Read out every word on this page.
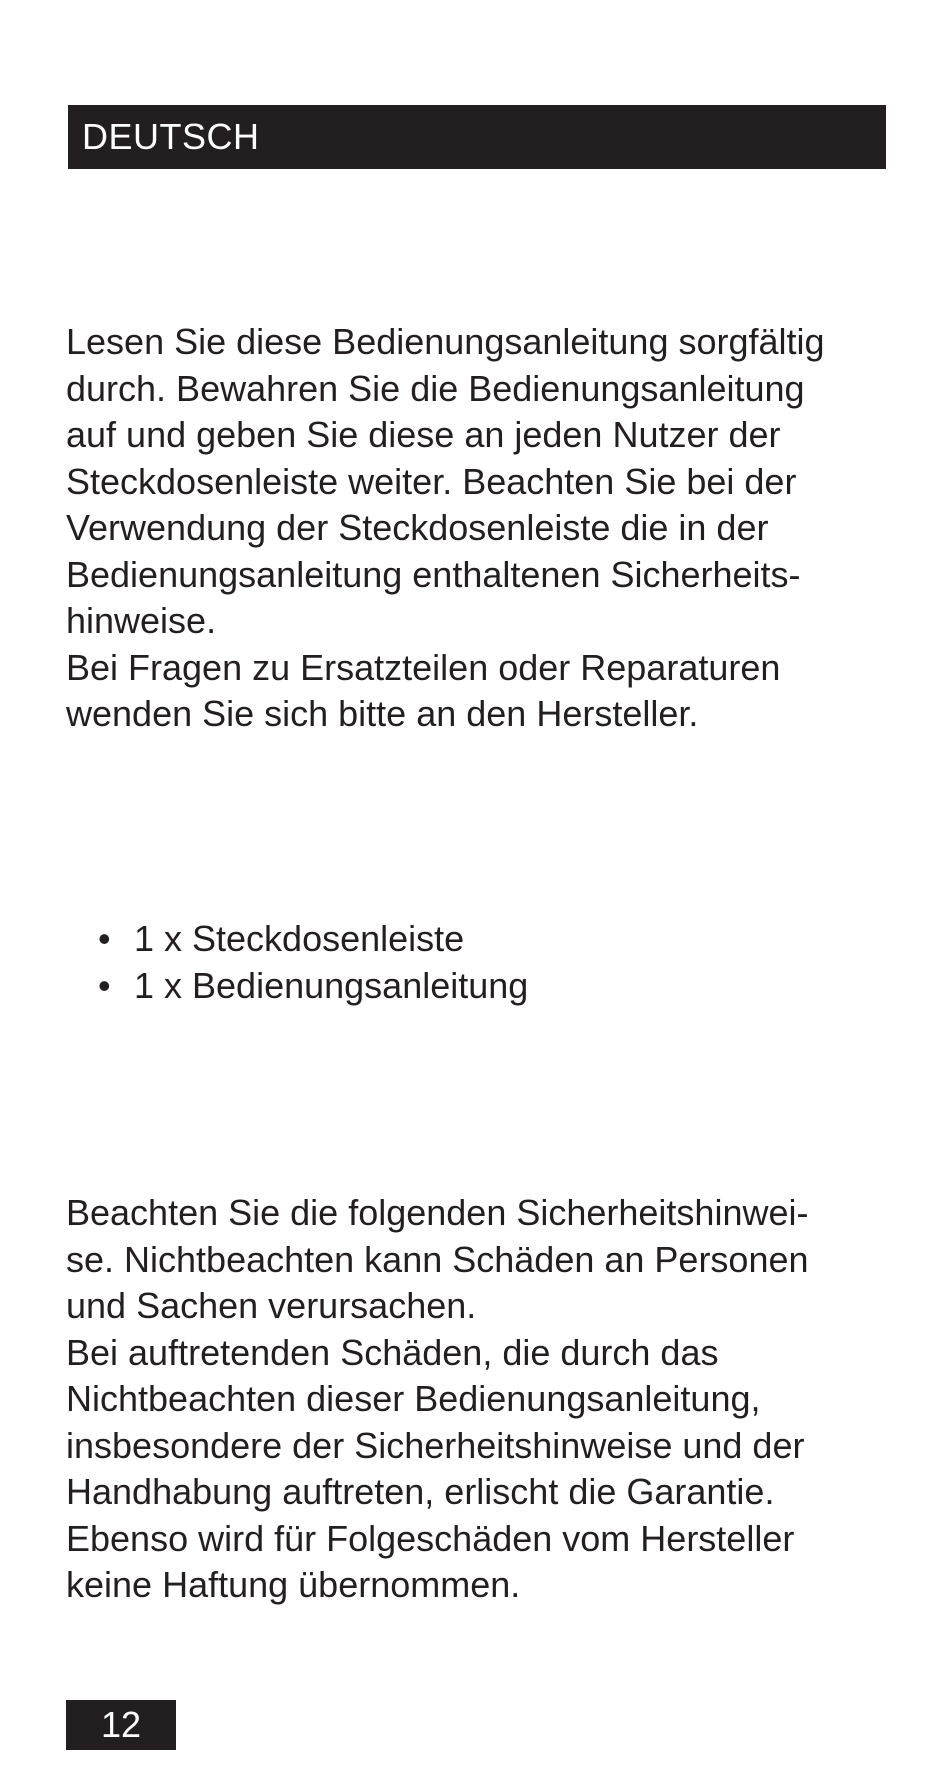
DEUTSCH

Lesen Sie diese Bedienungsanleitung sorgfältig
durch. Bewahren Sie die Bedienungsanleitung
auf und geben Sie diese an jeden Nutzer der
Steckdosenleiste weiter. Beachten Sie bei der
Verwendung der Steckdosenleiste die in der
Bedienungsanleitung enthaltenen Sicherheits-
hinweise.

Bei Fragen zu Ersatzteilen oder Reparaturen
wenden Sie sich bitte an den Hersteller.

• 1 x Steckdosenleiste
• 1 x Bedienungsanleitung

Beachten Sie die folgenden Sicherheitshinwei-
se. Nichtbeachten kann Schäden an Personen
und Sachen verursachen.

Bei auftretenden Schäden, die durch das
Nichtbeachten dieser Bedienungsanleitung,
insbesondere der Sicherheitshinweise und der
Handhabung auftreten, erlischt die Garantie.
Ebenso wird für Folgeschäden vom Hersteller
keine Haftung übernommen.

12
